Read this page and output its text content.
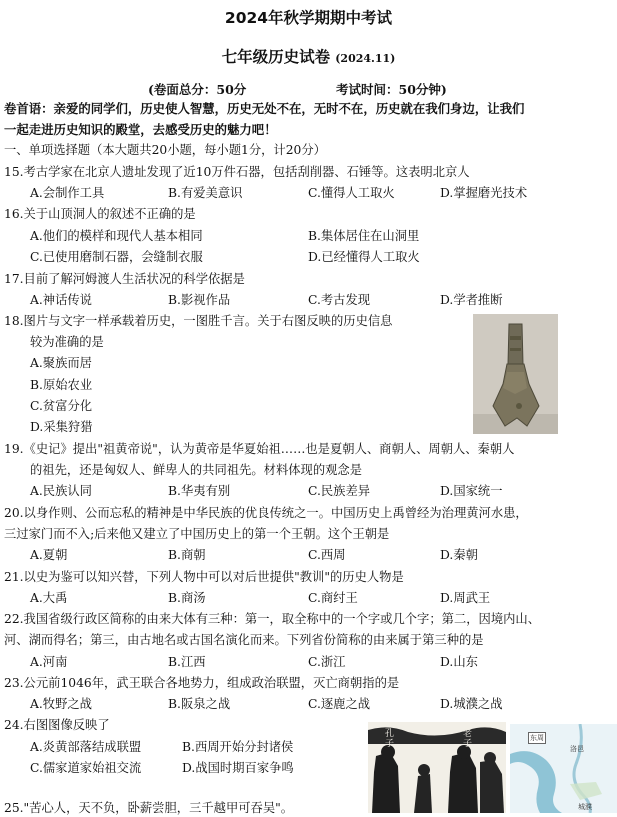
2024年秋学期期中考试
七年级历史试卷 (2024.11)
(卷面总分：50分	考试时间：50分钟)
卷首语：亲爱的同学们，历史使人智慧，历史无处不在，无时不在，历史就在我们身边，让我们
一起走进历史知识的殿堂，去感受历史的魅力吧！
一、单项选择题（本大题共20小题，每小题1分，计20分）
15.考古学家在北京人遗址发现了近10万件石器，包括刮削器、石锤等。这表明北京人
A.会制作工具	B.有爱美意识	C.懂得人工取火	D.掌握磨光技术
16.关于山顶洞人的叙述不正确的是
A.他们的模样和现代人基本相同	B.集体居住在山洞里
C.已使用磨制石器，会缝制衣服	D.已经懂得人工取火
17.目前了解河姆渡人生活状况的科学依据是
A.神话传说	B.影视作品	C.考古发现	D.学者推断
18.图片与文字一样承载着历史，一图胜千言。关于右图反映的历史信息
较为准确的是
A.聚族而居
B.原始农业
C.贫富分化
D.采集狩猎
19.《史记》提出"祖黄帝说"，认为黄帝是华夏始祖……也是夏朝人、商朝人、周朝人、秦朝人
的祖先，还是匈奴人、鲜卑人的共同祖先。材料体现的观念是
A.民族认同	B.华夷有别	C.民族差异	D.国家统一
20.以身作则、公而忘私的精神是中华民族的优良传统之一。中国历史上禹曾经为治理黄河水患，
三过家门而不入;后来他又建立了中国历史上的第一个王朝。这个王朝是
A.夏朝	B.商朝	C.西周	D.秦朝
21.以史为鉴可以知兴替，下列人物中可以对后世提供"教训"的历史人物是
A.大禹	B.商汤	C.商纣王	D.周武王
22.我国省级行政区简称的由来大体有三种：第一，取全称中的一个字或几个字；第二，因境内山、
河、湖而得名；第三，由古地名或古国名演化而来。下列省份简称的由来属于第三种的是
A.河南	B.江西	C.浙江	D.山东
23.公元前1046年，武王联合各地势力，组成政治联盟，灭亡商朝指的是
A.牧野之战	B.阪泉之战	C.逐鹿之战	D.城濮之战
24.右图图像反映了
A.炎黄部落结成联盟	B.西周开始分封诸侯
C.儒家道家始祖交流	D.战国时期百家争鸣
25."苦心人，天不负，卧薪尝胆，三千越甲可吞吴"。
孔子	老子	东周
洛邑
城濮
